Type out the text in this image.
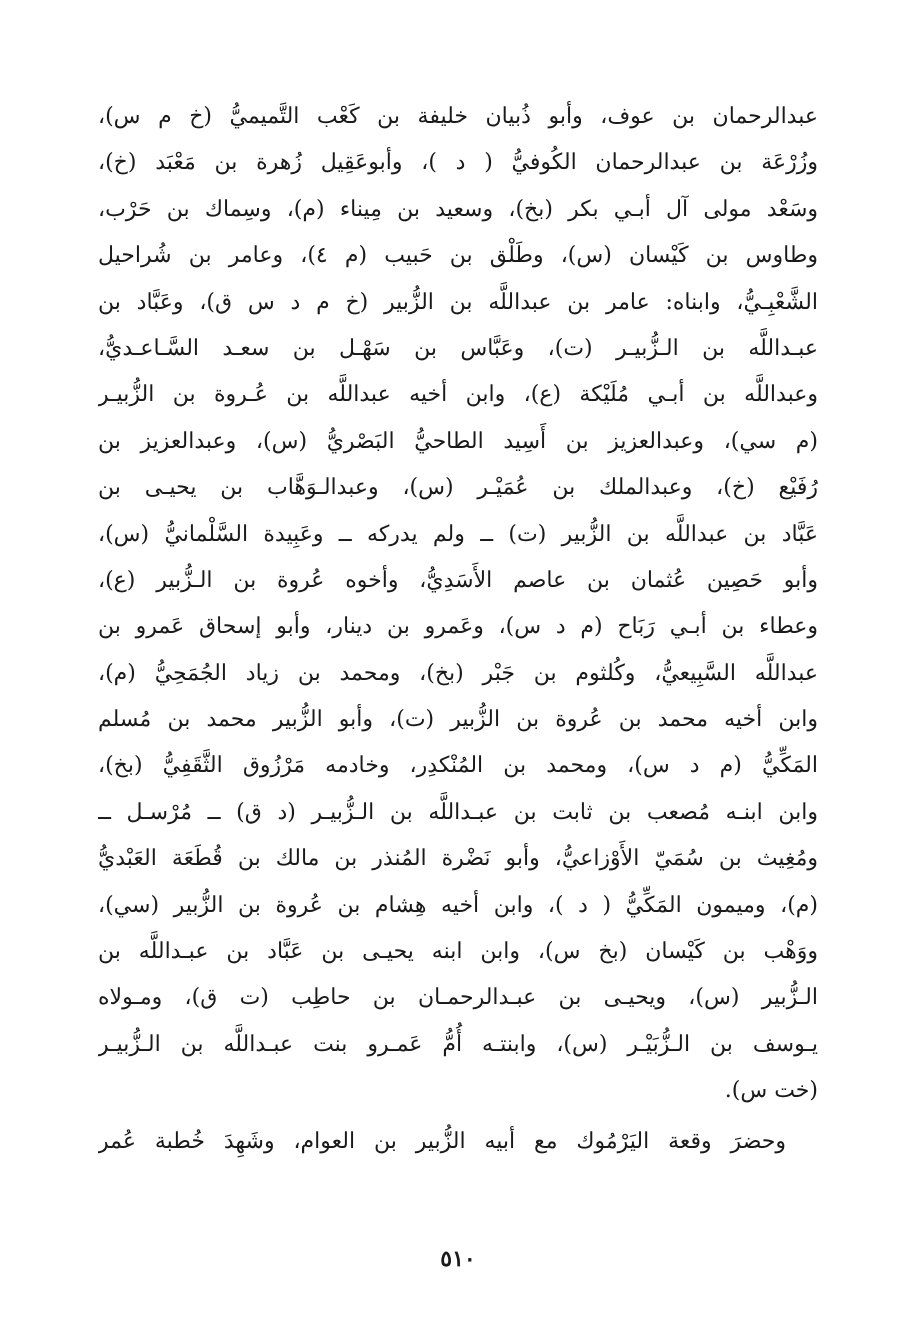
عبدالرحمان بن عوف، وأبو ذُبيان خليفة بن كَعْب التَّميميُّ (خ م س)،
وزُرْعَة بن عبدالرحمان الكُوفيُّ ( د )، وأبوعَقِيل زُهرة بن مَعْبَد (خ)،
وسَعْد مولى آل أبـي بكر (بخ)، وسعيد بن مِيناء (م)، وسِماك بن حَرْب،
وطاوس بن كَيْسان (س)، وطَلْق بن حَبيب (م ٤)، وعامر بن شُراحيل
الشَّعْبِـيُّ، وابناه: عامر بن عبداللَّه بن الزُّبير (خ م د س ق)، وعَبَّاد بن
عبـداللَّه بن الـزُّبيـر (ت)، وعَبَّاس بن سَهْـل بن سعـد السَّـاعـديُّ،
وعبداللَّه بن أبـي مُلَيْكة (ع)، وابن أخيه عبداللَّه بن عُـروة بن الزُّبيـر
(م سي)، وعبدالعزيز بن أَسِيد الطاحيُّ البَصْريُّ (س)، وعبدالعزيز بن
رُفَيْع (خ)، وعبدالملك بن عُمَيْـر (س)، وعبدالـوَهَّاب بن يحيـى بن
عَبَّاد بن عبداللَّه بن الزُّبير (ت) ــ ولم يدركه ــ وعَبِيدة السَّلْمانيُّ (س)،
وأبو حَصِين عُثمان بن عاصم الأَسَدِيُّ، وأخوه عُروة بن الـزُّبير (ع)،
وعطاء بن أبـي رَبَاح (م د س)، وعَمرو بن دينار، وأبو إسحاق عَمرو بن
عبداللَّه السَّبِيعيُّ، وكُلثوم بن جَبْر (بخ)، ومحمد بن زياد الجُمَحِيُّ (م)،
وابن أخيه محمد بن عُروة بن الزُّبير (ت)، وأبو الزُّبير محمد بن مُسلم
المَكِّيُّ (م د س)، ومحمد بن المُنْكدِر، وخادمه مَرْزُوق الثَّقَفِيُّ (بخ)،
وابن ابنـه مُصعب بن ثابت بن عبـداللَّه بن الـزُّبيـر (د ق) ــ مُرْسـل ــ
ومُغِيث بن سُمَيّ الأَوْزاعيُّ، وأبو نَضْرة المُنذر بن مالك بن قُطَعَة العَبْديُّ
(م)، وميمون المَكِّيُّ ( د )، وابن أخيه هِشام بن عُروة بن الزُّبير (سي)،
ووَهْب بن كَيْسان (بخ س)، وابن ابنه يحيـى بن عَبَّاد بن عبـداللَّه بن
الـزُّبير (س)، ويحيـى بن عبـدالرحمـان بن حاطِب (ت ق)، ومـولاه
يـوسف بن الـزُّبَيْـر (س)، وابنتـه أُمُّ عَمـرو بنت عبـداللَّه بن الـزُّبيـر
(خت س).
وحضرَ وقعة اليَرْمُوك مع أبيه الزُّبير بن العوام، وشَهِدَ خُطبة عُمر
٥١٠
